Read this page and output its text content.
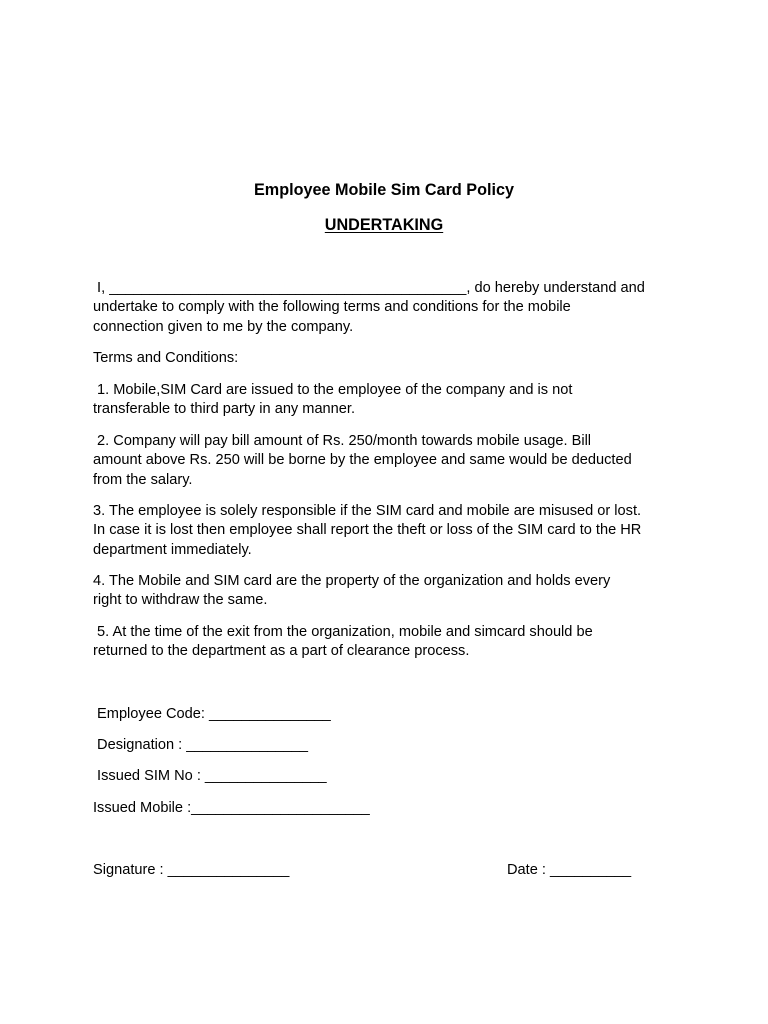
Employee Mobile Sim Card Policy
UNDERTAKING

I, ____________________________________________, do hereby understand and
undertake to comply with the following terms and conditions for the mobile
connection given to me by the company.

Terms and Conditions:

1. Mobile,SIM Card are issued to the employee of the company and is not
transferable to third party in any manner.

2. Company will pay bill amount of Rs. 250/month towards mobile usage. Bill
amount above Rs. 250 will be borne by the employee and same would be deducted
from the salary.

3. The employee is solely responsible if the SIM card and mobile are misused or lost.
In case it is lost then employee shall report the theft or loss of the SIM card to the HR
department immediately.

4. The Mobile and SIM card are the property of the organization and holds every
right to withdraw the same.

5. At the time of the exit from the organization, mobile and simcard should be
returned to the department as a part of clearance process.

Employee Code: _______________

Designation : _______________

Issued SIM No : _______________

Issued Mobile :______________________

Signature : _______________	Date : __________
